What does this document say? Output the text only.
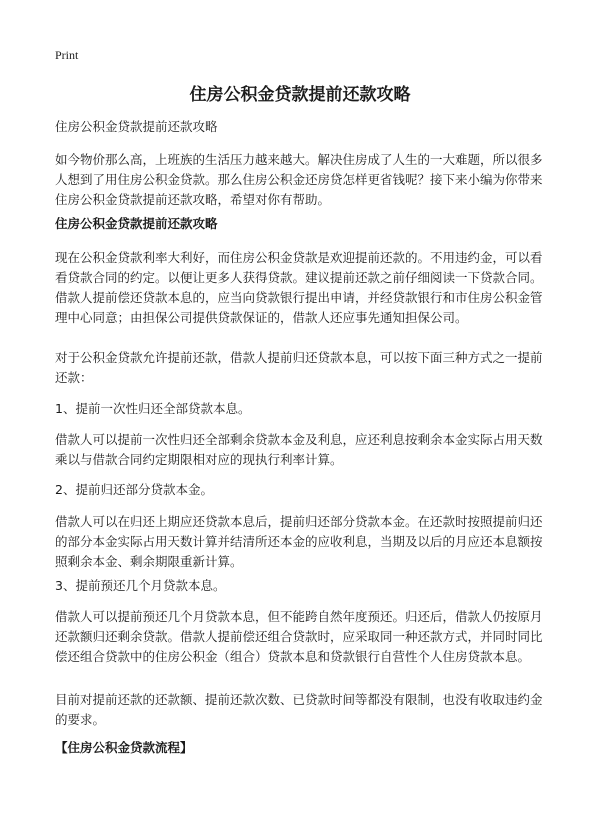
Print
住房公积金贷款提前还款攻略

住房公积金贷款提前还款攻略

如今物价那么高，上班族的生活压力越来越大。解决住房成了人生的一大难题，所以很多人想到了用住房公积金贷款。那么住房公积金还房贷怎样更省钱呢？接下来小编为你带来住房公积金贷款提前还款攻略，希望对你有帮助。

住房公积金贷款提前还款攻略

现在公积金贷款利率大利好，而住房公积金贷款是欢迎提前还款的。不用违约金，可以看看贷款合同的约定。以便让更多人获得贷款。建议提前还款之前仔细阅读一下贷款合同。 借款人提前偿还贷款本息的，应当向贷款银行提出申请，并经贷款银行和市住房公积金管理中心同意；由担保公司提供贷款保证的，借款人还应事先通知担保公司。

对于公积金贷款允许提前还款，借款人提前归还贷款本息，可以按下面三种方式之一提前还款：

1、提前一次性归还全部贷款本息。

借款人可以提前一次性归还全部剩余贷款本金及利息，应还利息按剩余本金实际占用天数乘以与借款合同约定期限相对应的现执行利率计算。

2、提前归还部分贷款本金。

借款人可以在归还上期应还贷款本息后，提前归还部分贷款本金。在还款时按照提前归还的部分本金实际占用天数计算并结清所还本金的应收利息，当期及以后的月应还本息额按照剩余本金、剩余期限重新计算。

3、提前预还几个月贷款本息。

借款人可以提前预还几个月贷款本息，但不能跨自然年度预还。归还后，借款人仍按原月还款额归还剩余贷款。借款人提前偿还组合贷款时，应采取同一种还款方式，并同时同比偿还组合贷款中的住房公积金（组合）贷款本息和贷款银行自营性个人住房贷款本息。

目前对提前还款的还款额、提前还款次数、已贷款时间等都没有限制，也没有收取违约金的要求。

【住房公积金贷款流程】
